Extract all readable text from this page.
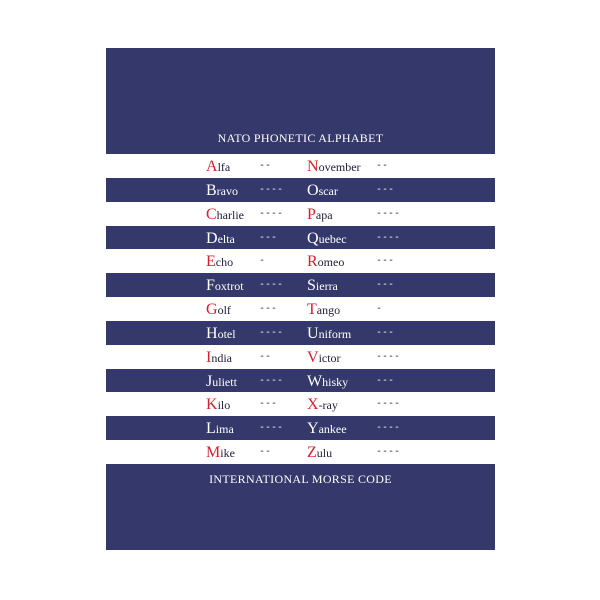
NATO PHONETIC ALPHABET
Alfa	-- November --
Bravo ---- Oscar	---
Charlie ---- Papa	----
Delta --- Quebec	----
Echo	-	Romeo	---
Foxtrot ---- Sierra	---
Golf	--- Tango	-
Hotel ---- Uniform ---
India	-- Victor	----
Juliett ---- Whisky	---
Kilo	--- X-ray	----
Lima	---- Yankee	----
Mike -- Zulu	----
INTERNATIONAL MORSE CODE
